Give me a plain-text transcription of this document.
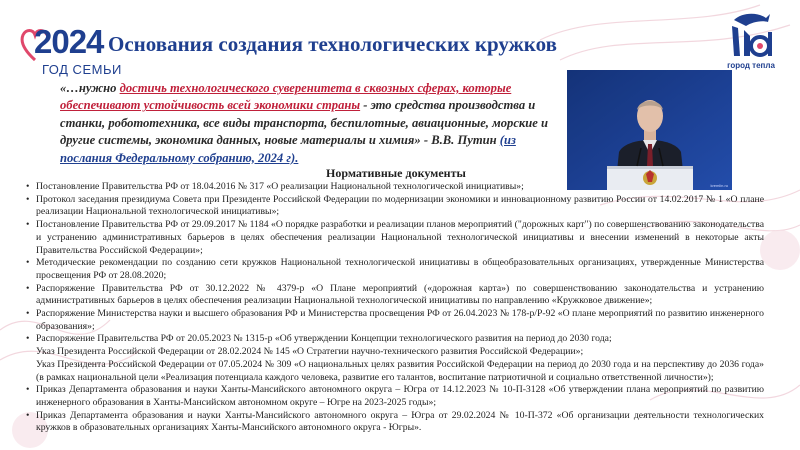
2024
ГОД СЕМЬИ	город тепла
Основания создания технологических кружков
«…нужно достичь технологического суверенитета в сквозных сферах, которые обеспечивают устойчивость всей экономики страны - это средства производства и станки, робототехника, все виды транспорта, беспилотные, авиационные, морские и другие системы, экономика данных, новые материалы и химия» - В.В. Путин (из послания Федеральному собранию, 2024 г).
kremlin.ru
Нормативные документы
• Постановление Правительства РФ от 18.04.2016 № 317 «О реализации Национальной технологической инициативы»;
• Протокол заседания президиума Совета при Президенте Российской Федерации по модернизации экономики и инновационному развитию России от 14.02.2017 № 1 «О плане реализации Национальной технологической инициативы»;
• Постановление Правительства РФ от 29.09.2017 № 1184 «О порядке разработки и реализации планов мероприятий ("дорожных карт") по совершенствованию законодательства и устранению административных барьеров в целях обеспечения реализации Национальной технологической инициативы и внесении изменений в некоторые акты Правительства Российской Федерации»;
• Методические рекомендации по созданию сети кружков Национальной технологической инициативы в общеобразовательных организациях, утвержденные Министерства просвещения РФ от 28.08.2020;
• Распоряжение Правительства РФ от 30.12.2022 № 4379-р «О Плане мероприятий («дорожная карта») по совершенствованию законодательства и устранению административных барьеров в целях обеспечения реализации Национальной технологической инициативы по направлению «Кружковое движение»;
• Распоряжение Министерства науки и высшего образования РФ и Министерства просвещения РФ от 26.04.2023 № 178-р/Р-92 «О плане мероприятий по развитию инженерного образования»;
• Распоряжение Правительства РФ от 20.05.2023 № 1315-р «Об утверждении Концепции технологического развития на период до 2030 года;
Указ Президента Российской Федерации от 28.02.2024 № 145 «О Стратегии научно-технического развития Российской Федерации»;
Указ Президента Российской Федерации от 07.05.2024 № 309 «О национальных целях развития Российской Федерации на период до 2030 года и на перспективу до 2036 года» (в рамках национальной цели «Реализация потенциала каждого человека, развитие его талантов, воспитание патриотичной и социально ответственной личности»);
• Приказ Департамента образования и науки Ханты-Мансийского автономного округа – Югра от 14.12.2023 № 10-П-3128 «Об утверждении плана мероприятий по развитию инженерного образования в Ханты-Мансийском автономном округе – Югре на 2023-2025 годы»;
• Приказ Департамента образования и науки Ханты-Мансийского автономного округа – Югра от 29.02.2024 № 10-П-372 «Об организации деятельности технологических кружков в образовательных организациях Ханты-Мансийского автономного округа - Югры».
